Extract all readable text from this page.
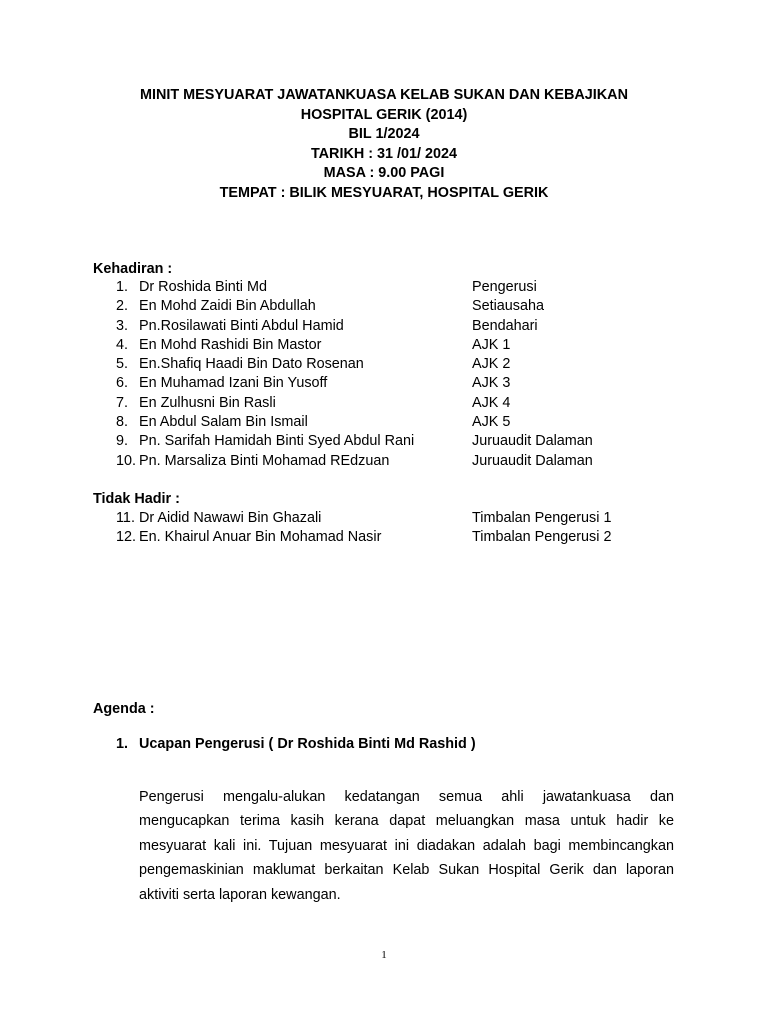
MINIT MESYUARAT JAWATANKUASA KELAB SUKAN DAN KEBAJIKAN
HOSPITAL GERIK (2014)
BIL 1/2024
TARIKH : 31 /01/ 2024
MASA : 9.00 PAGI
TEMPAT : BILIK MESYUARAT, HOSPITAL GERIK
Kehadiran :
1. Dr Roshida Binti Md	Pengerusi
2. En Mohd Zaidi Bin Abdullah	Setiausaha
3. Pn.Rosilawati Binti Abdul Hamid	Bendahari
4. En Mohd Rashidi Bin Mastor	AJK 1
5. En.Shafiq Haadi Bin Dato Rosenan	AJK 2
6. En Muhamad Izani Bin Yusoff	AJK 3
7. En Zulhusni Bin Rasli	AJK 4
8. En Abdul Salam Bin Ismail	AJK 5
9. Pn. Sarifah Hamidah Binti Syed Abdul Rani	Juruaudit Dalaman
10. Pn. Marsaliza Binti Mohamad REdzuan	Juruaudit Dalaman
Tidak Hadir :
11. Dr Aidid Nawawi Bin Ghazali	Timbalan Pengerusi 1
12. En. Khairul Anuar Bin Mohamad Nasir	Timbalan Pengerusi 2
Agenda :
1. Ucapan Pengerusi ( Dr Roshida Binti Md Rashid )
Pengerusi mengalu-alukan kedatangan semua ahli jawatankuasa dan mengucapkan terima kasih kerana dapat meluangkan masa untuk hadir ke mesyuarat kali ini. Tujuan mesyuarat ini diadakan adalah bagi membincangkan pengemaskinian maklumat berkaitan Kelab Sukan Hospital Gerik dan laporan aktiviti serta laporan kewangan.
1
